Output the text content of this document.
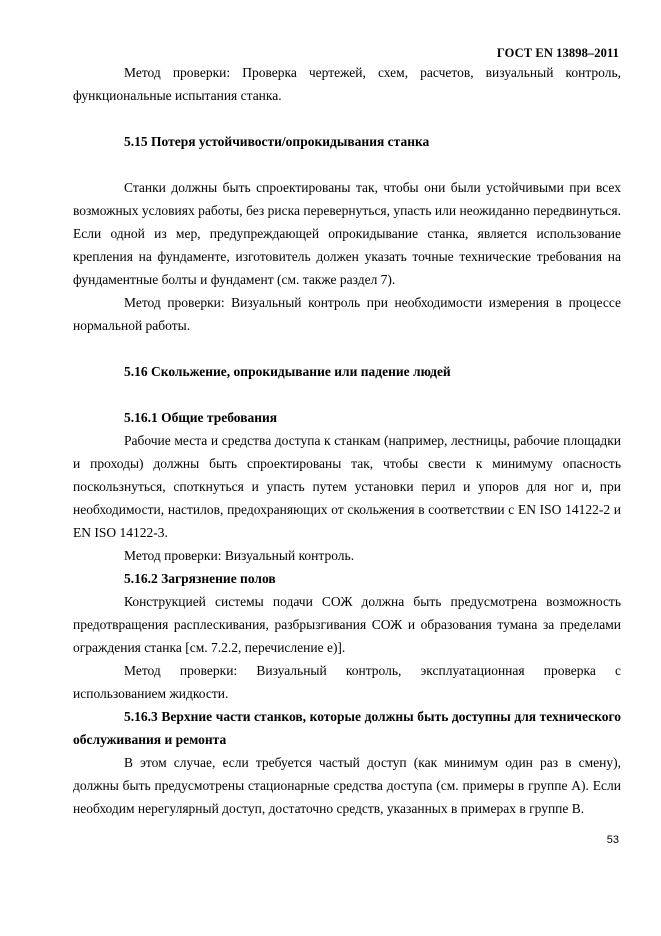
ГОСТ EN 13898–2011

Метод проверки: Проверка чертежей, схем, расчетов, визуальный контроль, функциональные испытания станка.

5.15 Потеря устойчивости/опрокидывания станка

Станки должны быть спроектированы так, чтобы они были устойчивыми при всех возможных условиях работы, без риска перевернуться, упасть или неожиданно передвинуться. Если одной из мер, предупреждающей опрокидывание станка, является использование крепления на фундаменте, изготовитель должен указать точные технические требования на фундаментные болты и фундамент (см. также раздел 7).

Метод проверки: Визуальный контроль при необходимости измерения в процессе нормальной работы.

5.16 Скольжение, опрокидывание или падение людей
5.16.1 Общие требования

Рабочие места и средства доступа к станкам (например, лестницы, рабочие площадки и проходы) должны быть спроектированы так, чтобы свести к минимуму опасность поскользнуться, споткнуться и упасть путем установки перил и упоров для ног и, при необходимости, настилов, предохраняющих от скольжения в соответствии с EN ISO 14122-2 и EN ISO 14122-3.

Метод проверки: Визуальный контроль.

5.16.2 Загрязнение полов

Конструкцией системы подачи СОЖ должна быть предусмотрена возможность предотвращения расплескивания, разбрызгивания СОЖ и образования тумана за пределами ограждения станка [см. 7.2.2, перечисление е)].

Метод проверки: Визуальный контроль, эксплуатационная проверка с использованием жидкости.

5.16.3 Верхние части станков, которые должны быть доступны для технического обслуживания и ремонта

В этом случае, если требуется частый доступ (как минимум один раз в смену), должны быть предусмотрены стационарные средства доступа (см. примеры в группе А). Если необходим нерегулярный доступ, достаточно средств, указанных в примерах в группе В.

53
